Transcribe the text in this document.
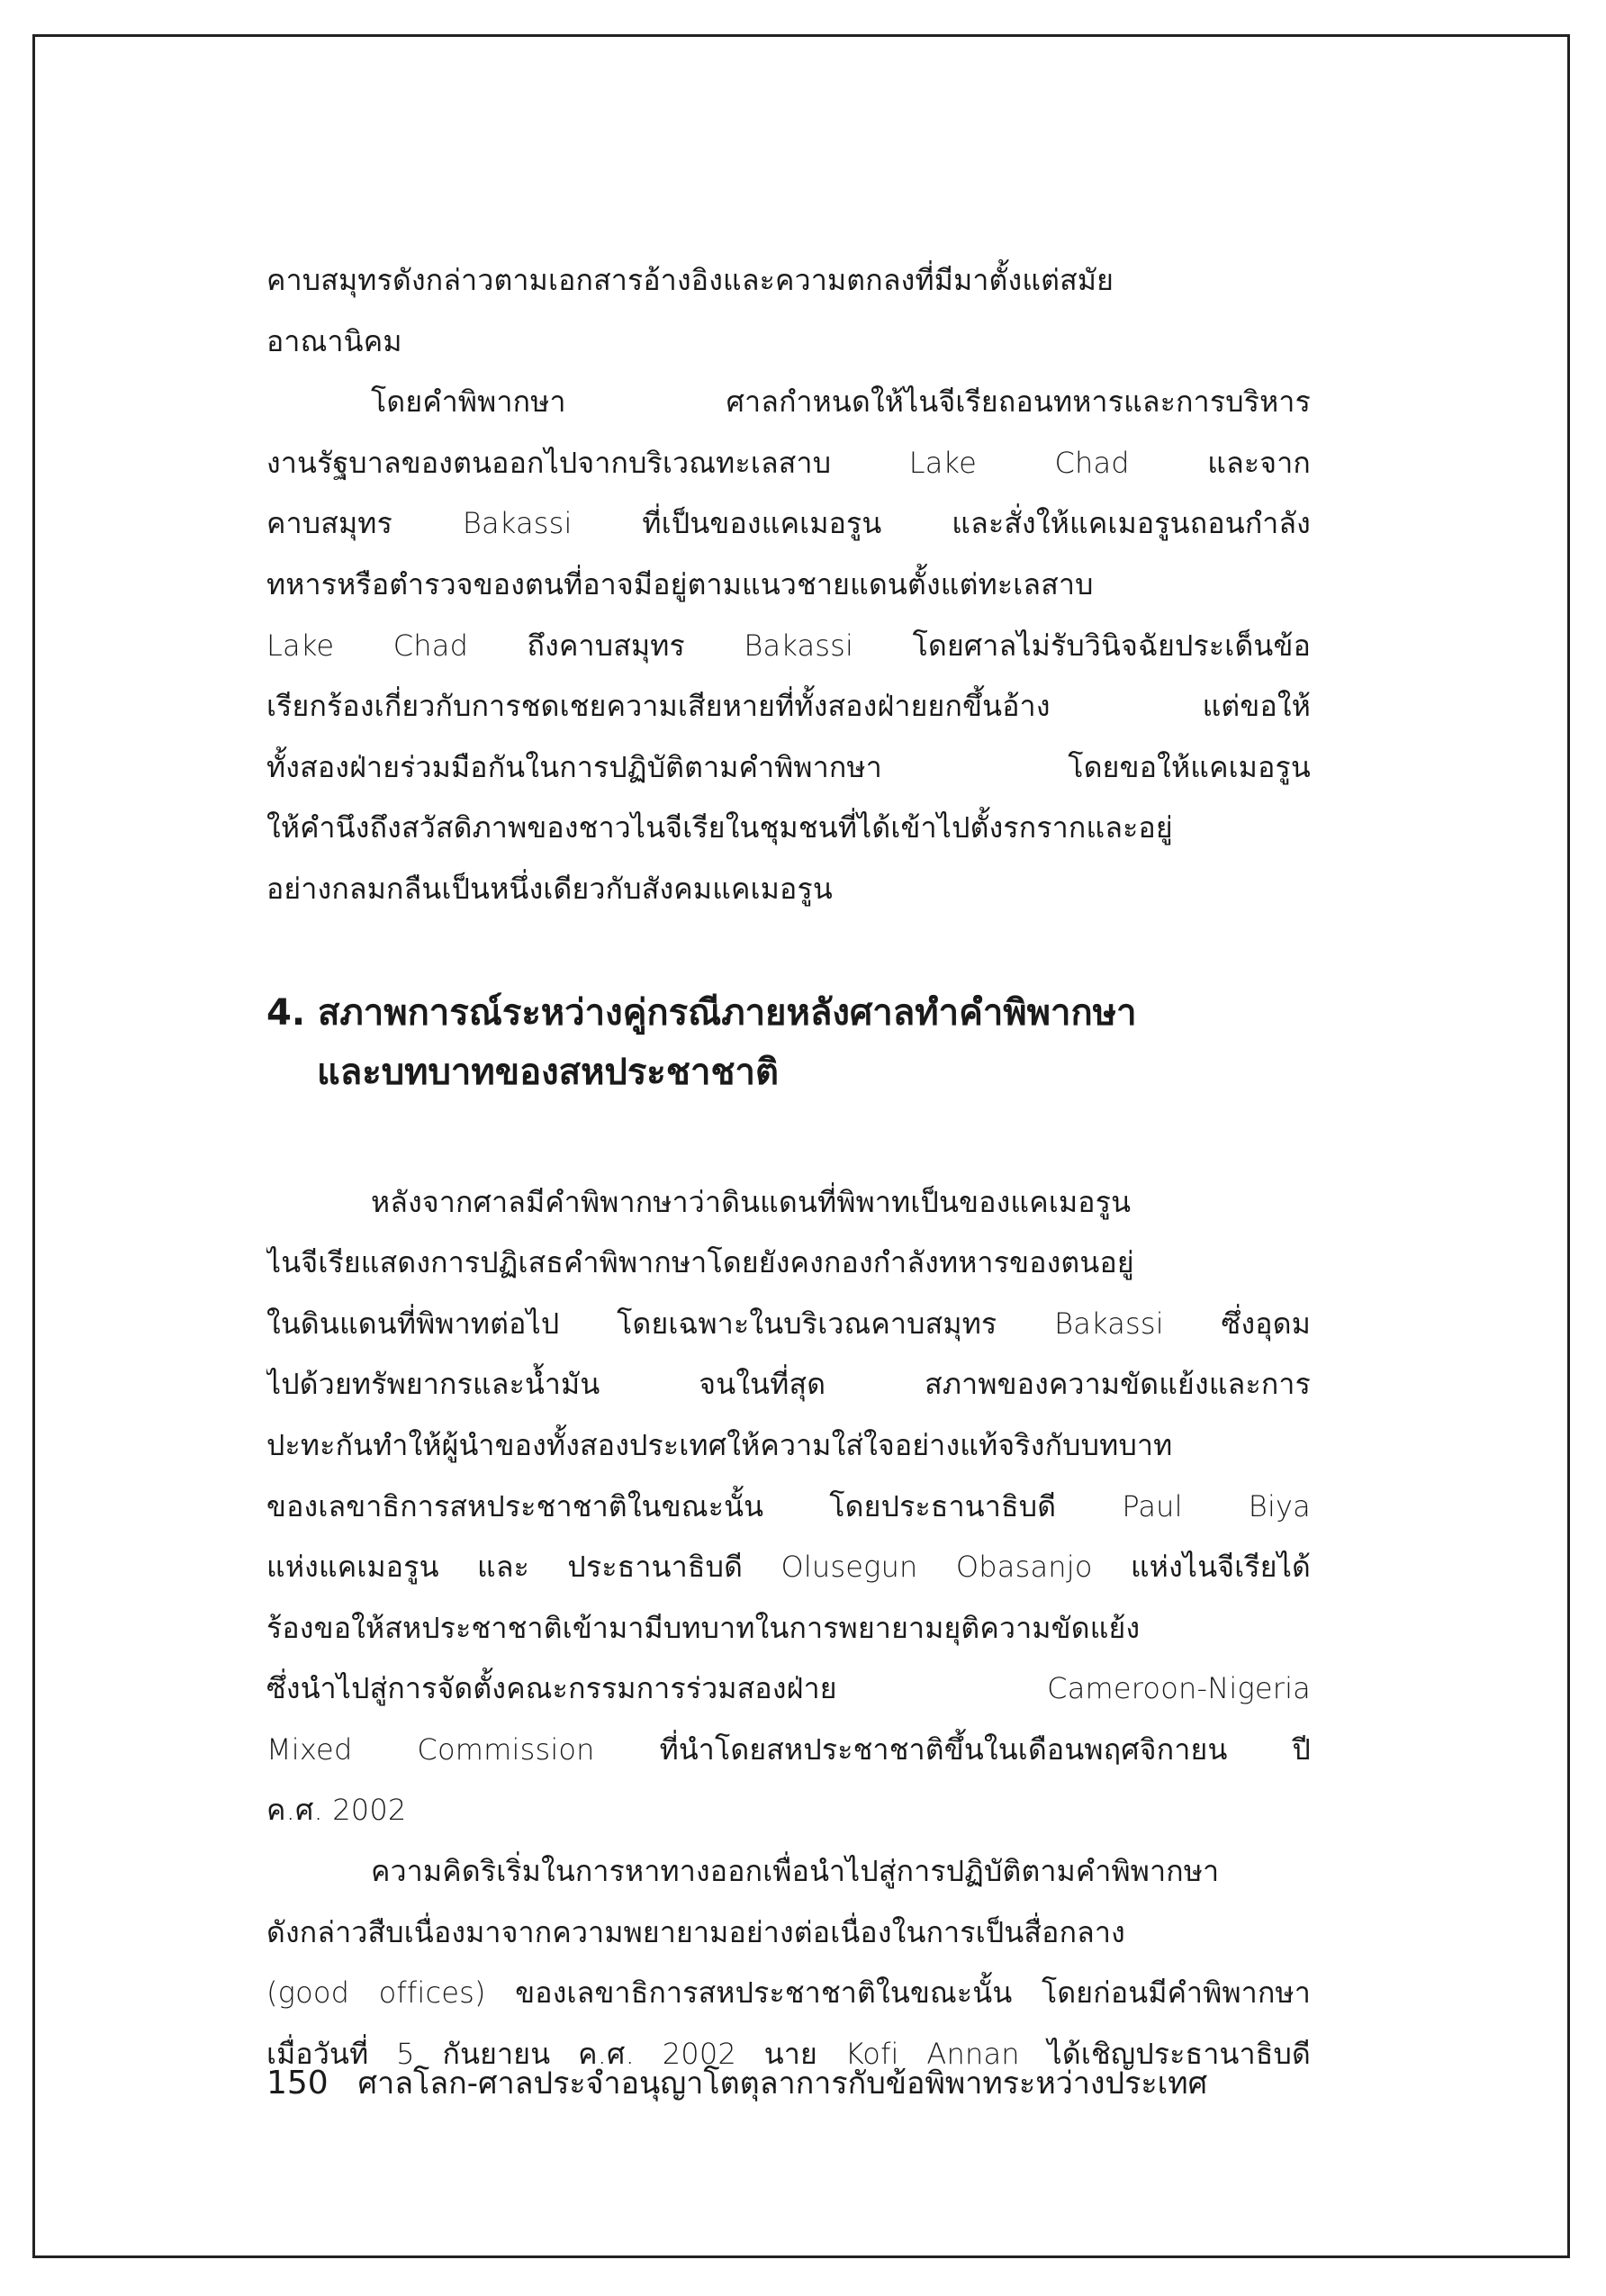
คาบสมุทรดังกล่าวตามเอกสารอ้างอิงและความตกลงที่มีมาตั้งแต่สมัย
อาณานิคม

โดยคำพิพากษา ศาลกำหนดให้ไนจีเรียถอนทหารและการบริหาร
งานรัฐบาลของตนออกไปจากบริเวณทะเลสาบ Lake Chad และจาก
คาบสมุทร Bakassi ที่เป็นของแคเมอรูน และสั่งให้แคเมอรูนถอนกำลัง
ทหารหรือตำรวจของตนที่อาจมีอยู่ตามแนวชายแดนตั้งแต่ทะเลสาบ
Lake Chad ถึงคาบสมุทร Bakassi โดยศาลไม่รับวินิจฉัยประเด็นข้อ
เรียกร้องเกี่ยวกับการชดเชยความเสียหายที่ทั้งสองฝ่ายยกขึ้นอ้าง แต่ขอให้
ทั้งสองฝ่ายร่วมมือกันในการปฏิบัติตามคำพิพากษา โดยขอให้แคเมอรูน
ให้คำนึงถึงสวัสดิภาพของชาวไนจีเรียในชุมชนที่ได้เข้าไปตั้งรกรากและอยู่
อย่างกลมกลืนเป็นหนึ่งเดียวกับสังคมแคเมอรูน

4. สภาพการณ์ระหว่างคู่กรณีภายหลังศาลทำคำพิพากษา
และบทบาทของสหประชาชาติ

หลังจากศาลมีคำพิพากษาว่าดินแดนที่พิพาทเป็นของแคเมอรูน
ไนจีเรียแสดงการปฏิเสธคำพิพากษาโดยยังคงกองกำลังทหารของตนอยู่
ในดินแดนที่พิพาทต่อไป โดยเฉพาะในบริเวณคาบสมุทร Bakassi ซึ่งอุดม
ไปด้วยทรัพยากรและน้ำมัน จนในที่สุด สภาพของความขัดแย้งและการ
ปะทะกันทำให้ผู้นำของทั้งสองประเทศให้ความใส่ใจอย่างแท้จริงกับบทบาท
ของเลขาธิการสหประชาชาติในขณะนั้น โดยประธานาธิบดี Paul Biya
แห่งแคเมอรูน และ ประธานาธิบดี Olusegun Obasanjo แห่งไนจีเรียได้
ร้องขอให้สหประชาชาติเข้ามามีบทบาทในการพยายามยุติความขัดแย้ง
ซึ่งนำไปสู่การจัดตั้งคณะกรรมการร่วมสองฝ่าย Cameroon-Nigeria
Mixed Commission ที่นำโดยสหประชาชาติขึ้นในเดือนพฤศจิกายน ปี
ค.ศ. 2002

ความคิดริเริ่มในการหาทางออกเพื่อนำไปสู่การปฏิบัติตามคำพิพากษา
ดังกล่าวสืบเนื่องมาจากความพยายามอย่างต่อเนื่องในการเป็นสื่อกลาง
(good offices) ของเลขาธิการสหประชาชาติในขณะนั้น โดยก่อนมีคำพิพากษา
เมื่อวันที่ 5 กันยายน ค.ศ. 2002 นาย Kofi Annan ได้เชิญประธานาธิบดี

150 ศาลโลก-ศาลประจำอนุญาโตตุลาการกับข้อพิพาทระหว่างประเทศ
